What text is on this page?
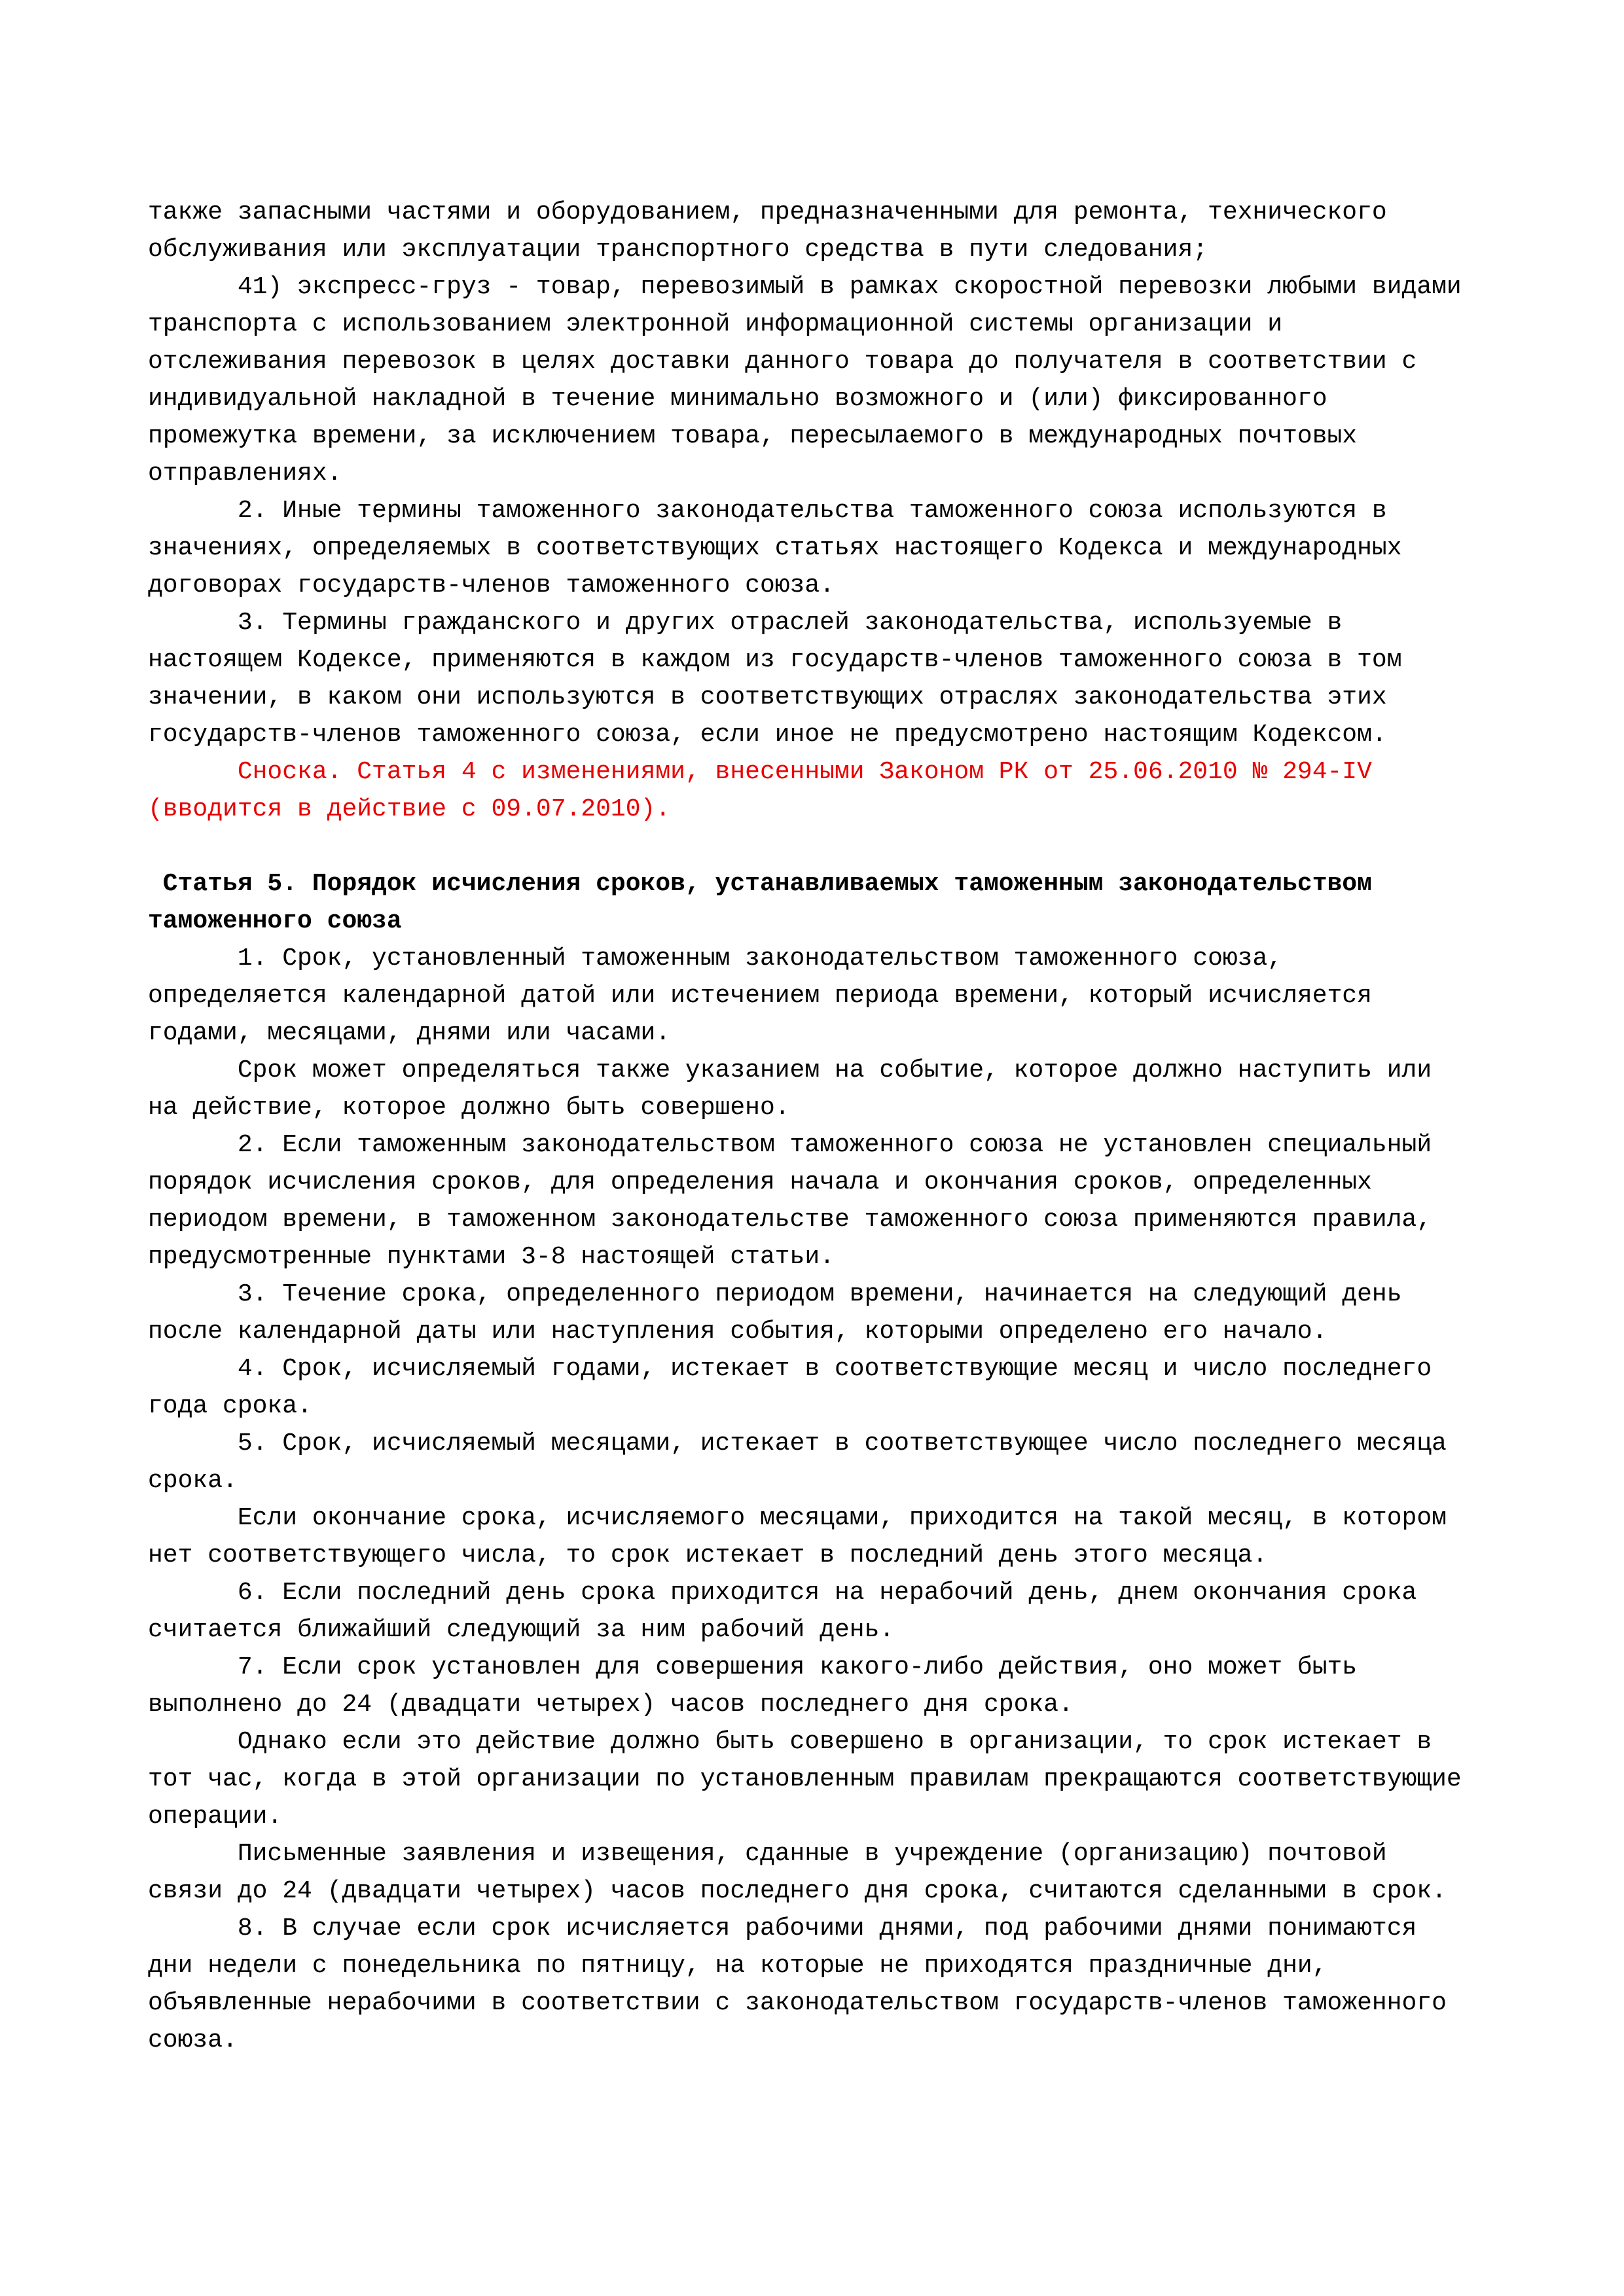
также запасными частями и оборудованием, предназначенными для ремонта, технического
обслуживания или эксплуатации транспортного средства в пути следования;
41) экспресс-груз - товар, перевозимый в рамках скоростной перевозки любыми видами
транспорта с использованием электронной информационной системы организации и
отслеживания перевозок в целях доставки данного товара до получателя в соответствии с
индивидуальной накладной в течение минимально возможного и (или) фиксированного
промежутка времени, за исключением товара, пересылаемого в международных почтовых
отправлениях.
2. Иные термины таможенного законодательства таможенного союза используются в
значениях, определяемых в соответствующих статьях настоящего Кодекса и международных
договорах государств-членов таможенного союза.
3. Термины гражданского и других отраслей законодательства, используемые в
настоящем Кодексе, применяются в каждом из государств-членов таможенного союза в том
значении, в каком они используются в соответствующих отраслях законодательства этих
государств-членов таможенного союза, если иное не предусмотрено настоящим Кодексом.
Сноска. Статья 4 с изменениями, внесенными Законом РК от 25.06.2010 № 294-IV
(вводится в действие с 09.07.2010).

Статья 5. Порядок исчисления сроков, устанавливаемых таможенным законодательством
таможенного союза
1. Срок, установленный таможенным законодательством таможенного союза,
определяется календарной датой или истечением периода времени, который исчисляется
годами, месяцами, днями или часами.
Срок может определяться также указанием на событие, которое должно наступить или
на действие, которое должно быть совершено.
2. Если таможенным законодательством таможенного союза не установлен специальный
порядок исчисления сроков, для определения начала и окончания сроков, определенных
периодом времени, в таможенном законодательстве таможенного союза применяются правила,
предусмотренные пунктами 3-8 настоящей статьи.
3. Течение срока, определенного периодом времени, начинается на следующий день
после календарной даты или наступления события, которыми определено его начало.
4. Срок, исчисляемый годами, истекает в соответствующие месяц и число последнего
года срока.
5. Срок, исчисляемый месяцами, истекает в соответствующее число последнего месяца
срока.
Если окончание срока, исчисляемого месяцами, приходится на такой месяц, в котором
нет соответствующего числа, то срок истекает в последний день этого месяца.
6. Если последний день срока приходится на нерабочий день, днем окончания срока
считается ближайший следующий за ним рабочий день.
7. Если срок установлен для совершения какого-либо действия, оно может быть
выполнено до 24 (двадцати четырех) часов последнего дня срока.
Однако если это действие должно быть совершено в организации, то срок истекает в
тот час, когда в этой организации по установленным правилам прекращаются соответствующие
операции.
Письменные заявления и извещения, сданные в учреждение (организацию) почтовой
связи до 24 (двадцати четырех) часов последнего дня срока, считаются сделанными в срок.
8. В случае если срок исчисляется рабочими днями, под рабочими днями понимаются
дни недели с понедельника по пятницу, на которые не приходятся праздничные дни,
объявленные нерабочими в соответствии с законодательством государств-членов таможенного
союза.
